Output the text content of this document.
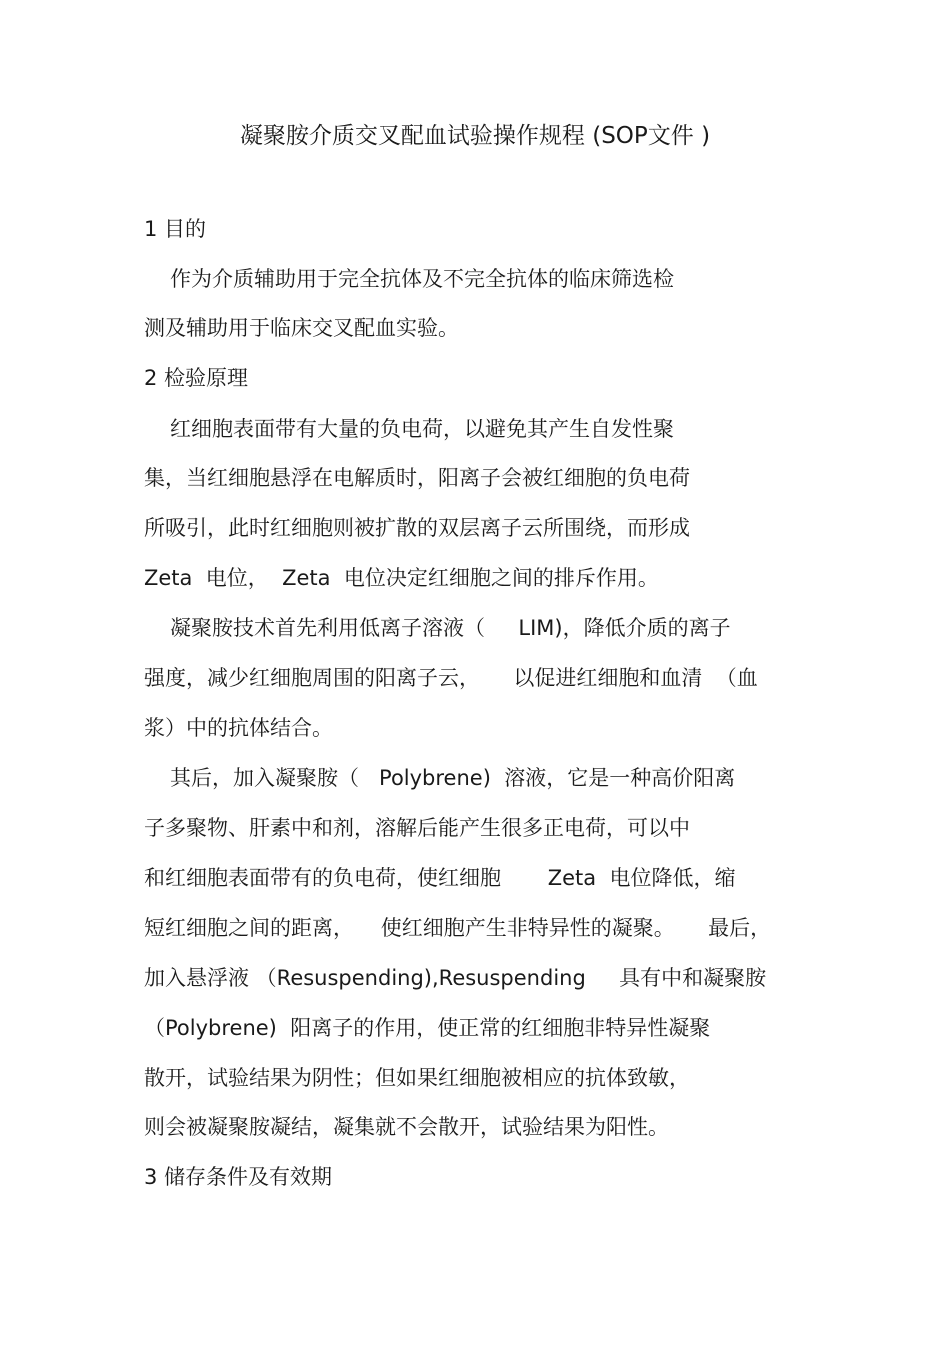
凝聚胺介质交叉配血试验操作规程 (SOP文件 )
1 目的
作为介质辅助用于完全抗体及不完全抗体的临床筛选检
测及辅助用于临床交叉配血实验。
2 检验原理
红细胞表面带有大量的负电荷，以避免其产生自发性聚
集，当红细胞悬浮在电解质时，阳离子会被红细胞的负电荷
所吸引，此时红细胞则被扩散的双层离子云所围绕，而形成
Zeta  电位，  Zeta  电位决定红细胞之间的排斥作用。
凝聚胺技术首先利用低离子溶液（     LIM)，降低介质的离子
强度，减少红细胞周围的阳离子云，     以促进红细胞和血清  （血
浆）中的抗体结合。
其后，加入凝聚胺（   Polybrene)  溶液，它是一种高价阳离
子多聚物、肝素中和剂，溶解后能产生很多正电荷，可以中
和红细胞表面带有的负电荷，使红细胞       Zeta  电位降低，缩
短红细胞之间的距离，    使红细胞产生非特异性的凝聚。     最后，
加入悬浮液 （Resuspending),Resuspending     具有中和凝聚胺
（Polybrene)  阳离子的作用，使正常的红细胞非特异性凝聚
散开，试验结果为阴性；但如果红细胞被相应的抗体致敏，
则会被凝聚胺凝结，凝集就不会散开，试验结果为阳性。
3 储存条件及有效期
